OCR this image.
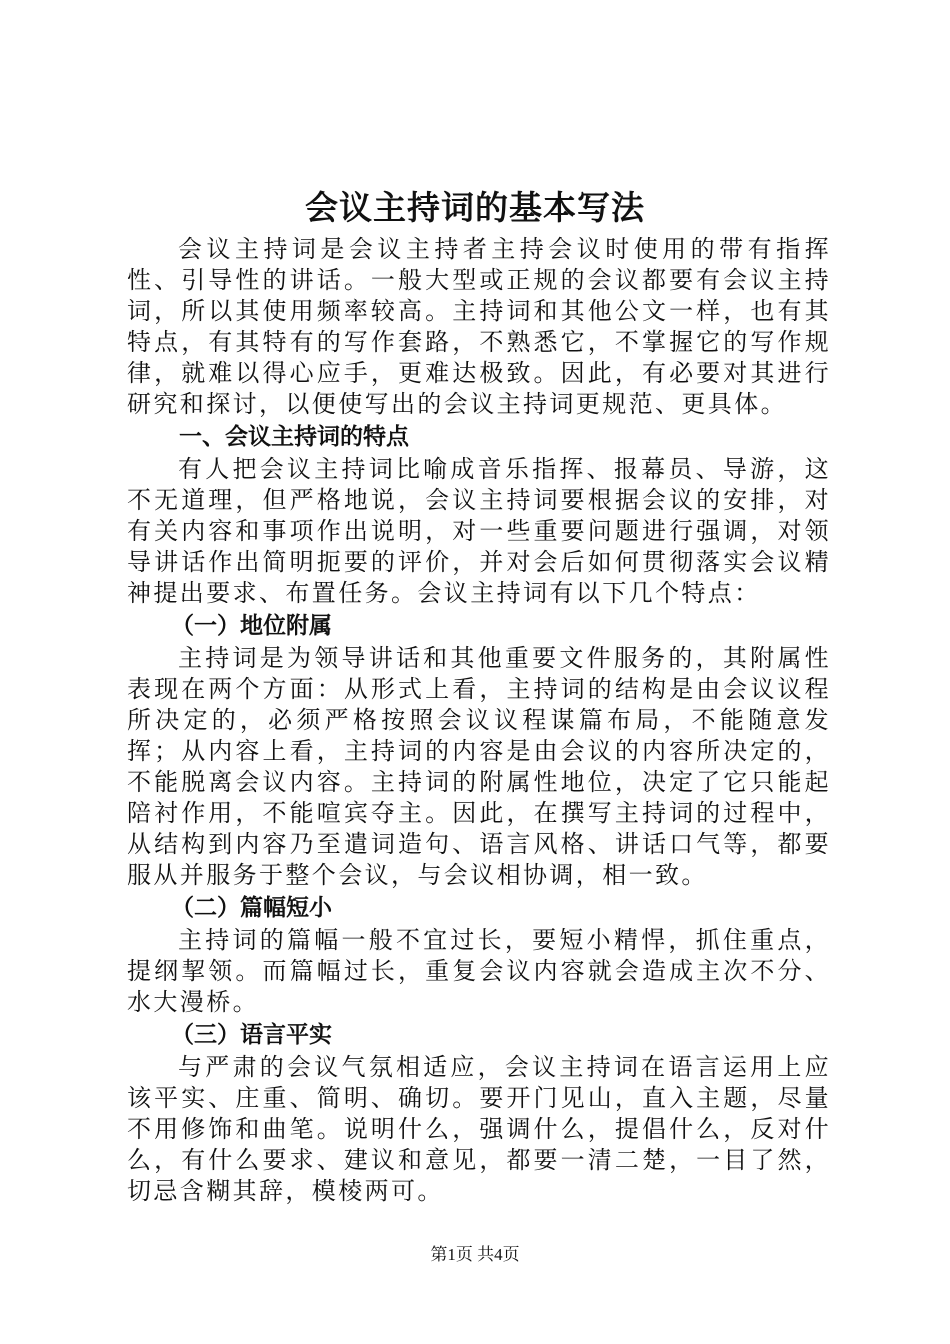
会议主持词的基本写法

会议主持词是会议主持者主持会议时使用的带有指挥性、引导性的讲话。一般大型或正规的会议都要有会议主持词，所以其使用频率较高。主持词和其他公文一样，也有其特点，有其特有的写作套路，不熟悉它，不掌握它的写作规律，就难以得心应手，更难达极致。因此，有必要对其进行研究和探讨，以便使写出的会议主持词更规范、更具体。

一、会议主持词的特点

有人把会议主持词比喻成音乐指挥、报幕员、导游，这不无道理，但严格地说，会议主持词要根据会议的安排，对有关内容和事项作出说明，对一些重要问题进行强调，对领导讲话作出简明扼要的评价，并对会后如何贯彻落实会议精神提出要求、布置任务。会议主持词有以下几个特点：

（一）地位附属

主持词是为领导讲话和其他重要文件服务的，其附属性表现在两个方面：从形式上看，主持词的结构是由会议议程所决定的，必须严格按照会议议程谋篇布局，不能随意发挥；从内容上看，主持词的内容是由会议的内容所决定的，不能脱离会议内容。主持词的附属性地位，决定了它只能起陪衬作用，不能喧宾夺主。因此，在撰写主持词的过程中，从结构到内容乃至遣词造句、语言风格、讲话口气等，都要服从并服务于整个会议，与会议相协调，相一致。

（二）篇幅短小

主持词的篇幅一般不宜过长，要短小精悍，抓住重点，提纲挈领。而篇幅过长，重复会议内容就会造成主次不分、水大漫桥。

（三）语言平实

与严肃的会议气氛相适应，会议主持词在语言运用上应该平实、庄重、简明、确切。要开门见山，直入主题，尽量不用修饰和曲笔。说明什么，强调什么，提倡什么，反对什么，有什么要求、建议和意见，都要一清二楚，一目了然，切忌含糊其辞，模棱两可。

第1页 共4页
